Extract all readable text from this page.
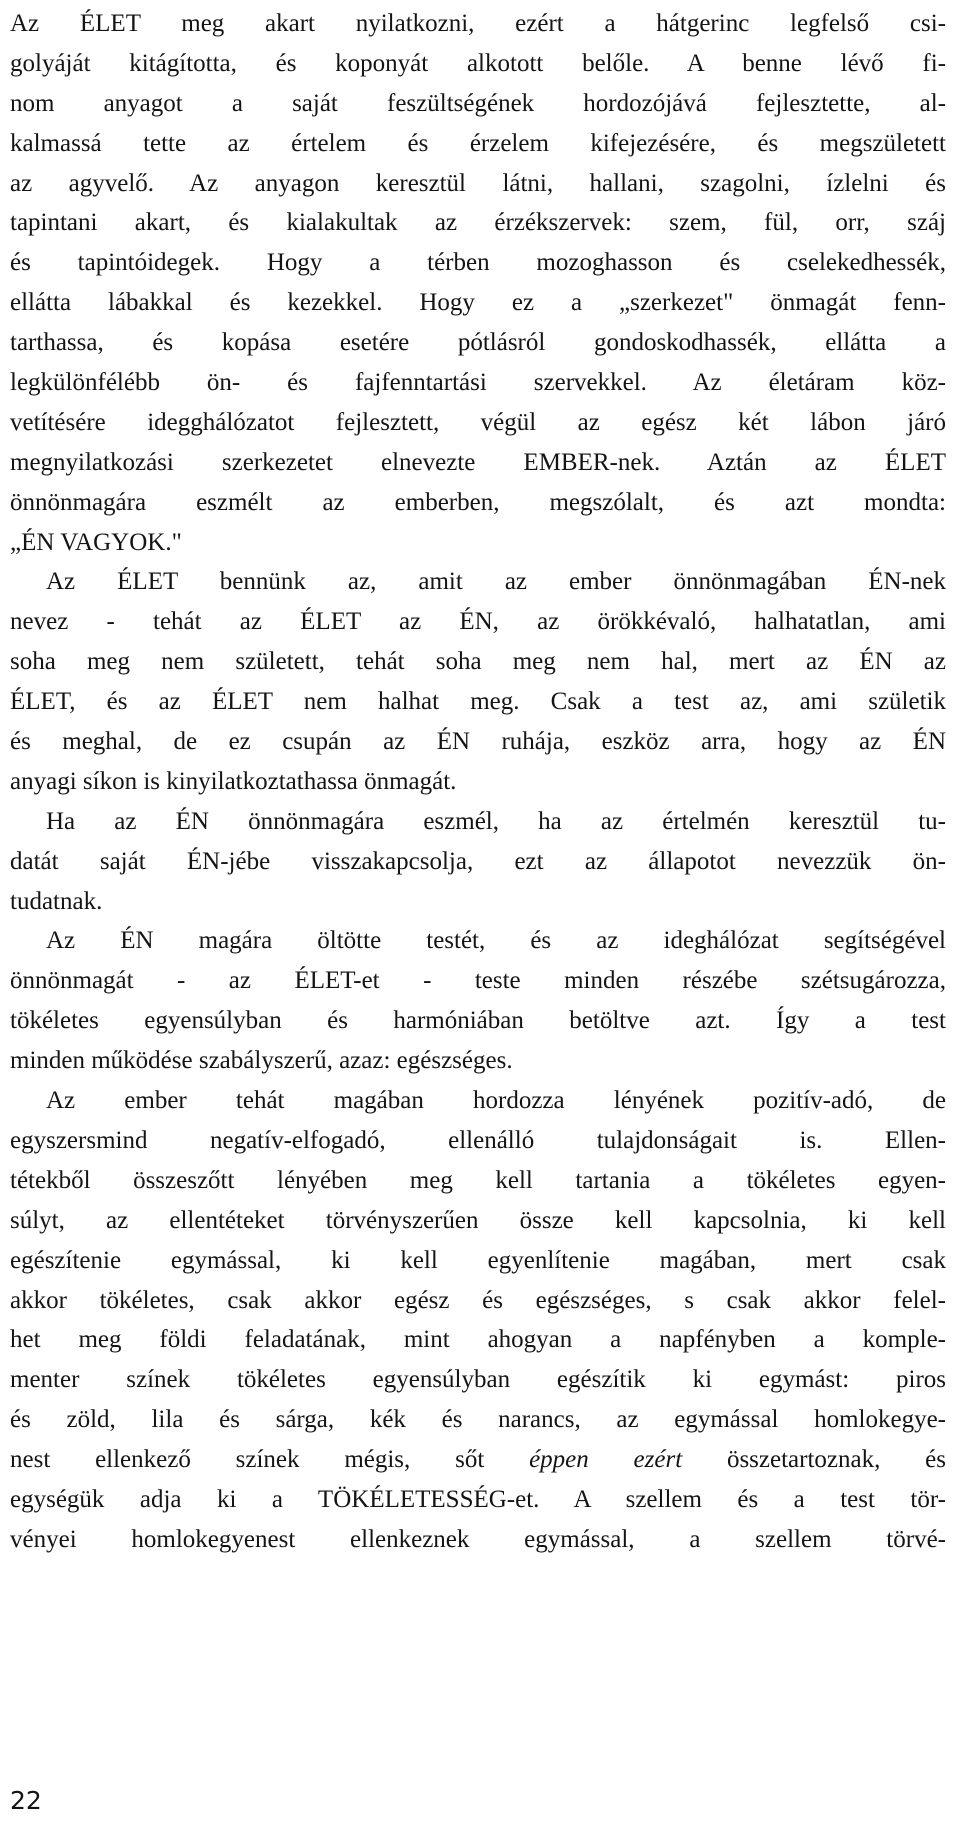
Az ÉLET meg akart nyilatkozni, ezért a hátgerinc legfelső csi-
golyáját kitágította, és koponyát alkotott belőle. A benne lévő fi-
nom anyagot a saját feszültségének hordozójává fejlesztette, al-
kalmassá tette az értelem és érzelem kifejezésére, és megszületett
az agyvelő. Az anyagon keresztül látni, hallani, szagolni, ízlelni és
tapintani akart, és kialakultak az érzékszervek: szem, fül, orr, száj
és tapintóidegek. Hogy a térben mozoghasson és cselekedhessék,
ellátta lábakkal és kezekkel. Hogy ez a „szerkezet" önmagát fenn-
tarthassa, és kopása esetére pótlásról gondoskodhassék, ellátta a
legkülönfélébb ön- és fajfenntartási szervekkel. Az életáram köz-
vetítésére idegghálózatot fejlesztett, végül az egész két lábon járó
megnyilatkozási szerkezetet elnevezte EMBER-nek. Aztán az ÉLET
önnönmagára eszmélt az emberben, megszólalt, és azt mondta:
„ÉN VAGYOK."
Az ÉLET bennünk az, amit az ember önnönmagában ÉN-nek
nevez - tehát az ÉLET az ÉN, az örökkévaló, halhatatlan, ami
soha meg nem született, tehát soha meg nem hal, mert az ÉN az
ÉLET, és az ÉLET nem halhat meg. Csak a test az, ami születik
és meghal, de ez csupán az ÉN ruhája, eszköz arra, hogy az ÉN
anyagi síkon is kinyilatkoztathassa önmagát.
Ha az ÉN önnönmagára eszmél, ha az értelmén keresztül tu-
datát saját ÉN-jébe visszakapcsolja, ezt az állapotot nevezzük ön-
tudatnak.
Az ÉN magára öltötte testét, és az ideghálózat segítségével
önnönmagát - az ÉLET-et - teste minden részébe szétsugározza,
tökéletes egyensúlyban és harmóniában betöltve azt. Így a test
minden működése szabályszerű, azaz: egészséges.
Az ember tehát magában hordozza lényének pozitív-adó, de
egyszersmind negatív-elfogadó, ellenálló tulajdonságait is. Ellen-
tétekből összeszőtt lényében meg kell tartania a tökéletes egyen-
súlyt, az ellentéteket törvényszerűen össze kell kapcsolnia, ki kell
egészítenie egymással, ki kell egyenlítenie magában, mert csak
akkor tökéletes, csak akkor egész és egészséges, s csak akkor felel-
het meg földi feladatának, mint ahogyan a napfényben a komple-
menter színek tökéletes egyensúlyban egészítik ki egymást: piros
és zöld, lila és sárga, kék és narancs, az egymással homlokegye-
nest ellenkező színek mégis, sőt éppen ezért összetartoznak, és
egységük adja ki a TÖKÉLETESSÉG-et. A szellem és a test tör-
vényei homlokegyenest ellenkeznek egymással, a szellem törvé-
22
